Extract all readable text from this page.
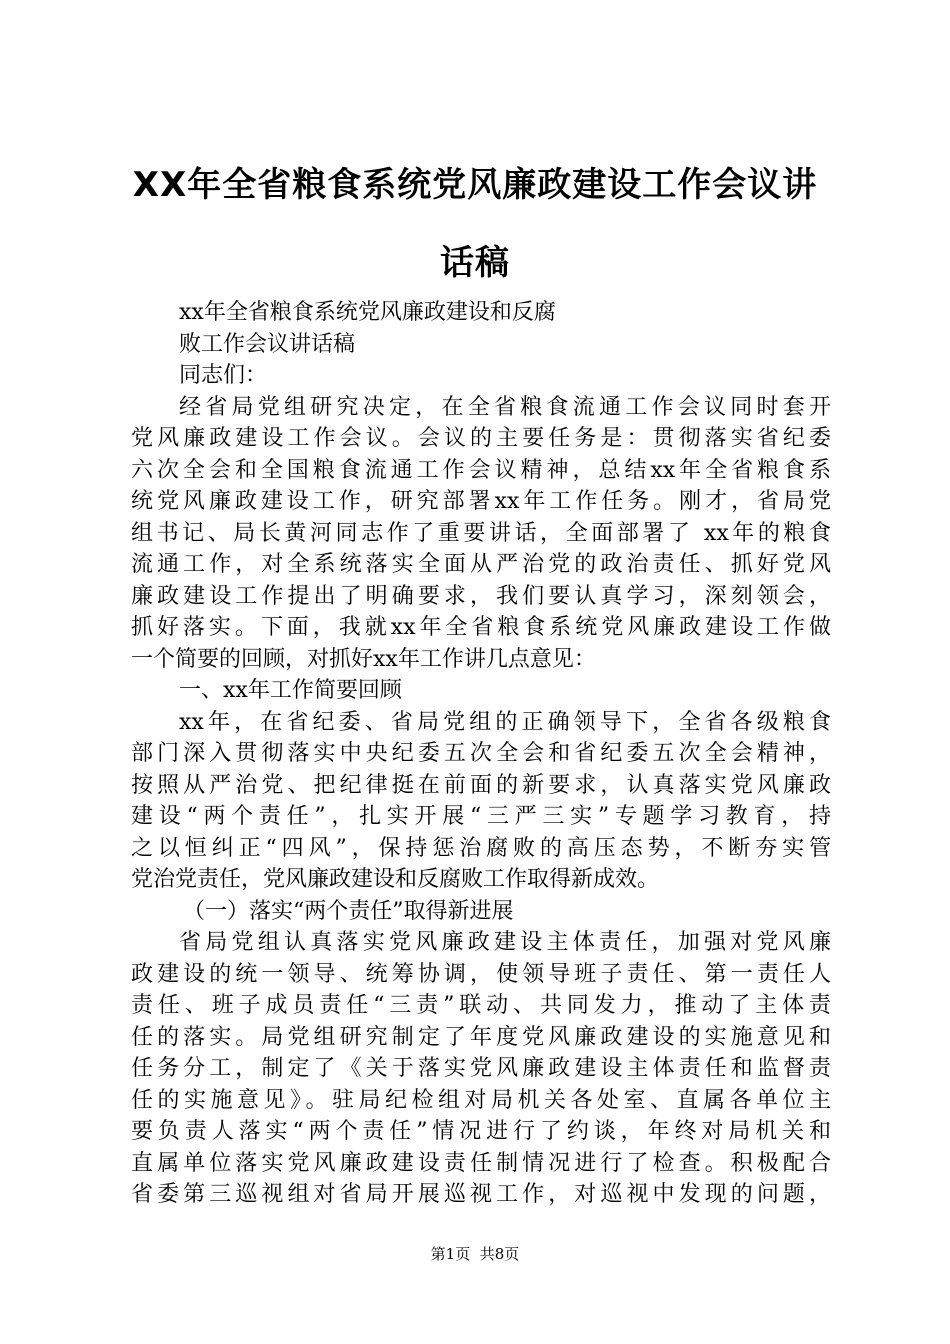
XX年全省粮食系统党风廉政建设工作会议讲
话稿
xx年全省粮食系统党风廉政建设和反腐
败工作会议讲话稿
同志们：
经省局党组研究决定，在全省粮食流通工作会议同时套开
党风廉政建设工作会议。会议的主要任务是：贯彻落实省纪委
六次全会和全国粮食流通工作会议精神，总结xx年全省粮食系
统党风廉政建设工作，研究部署xx年工作任务。刚才，省局党
组书记、局长黄河同志作了重要讲话，全面部署了 xx年的粮食
流通工作，对全系统落实全面从严治党的政治责任、抓好党风
廉政建设工作提出了明确要求，我们要认真学习，深刻领会，
抓好落实。下面，我就xx年全省粮食系统党风廉政建设工作做
一个简要的回顾，对抓好xx年工作讲几点意见：
一、xx年工作简要回顾
xx年，在省纪委、省局党组的正确领导下，全省各级粮食
部门深入贯彻落实中央纪委五次全会和省纪委五次全会精神，
按照从严治党、把纪律挺在前面的新要求，认真落实党风廉政
建设“两个责任”，扎实开展“三严三实”专题学习教育，持
之以恒纠正“四风”，保持惩治腐败的高压态势，不断夯实管
党治党责任，党风廉政建设和反腐败工作取得新成效。
（一）落实“两个责任”取得新进展
省局党组认真落实党风廉政建设主体责任，加强对党风廉
政建设的统一领导、统筹协调，使领导班子责任、第一责任人
责任、班子成员责任“三责”联动、共同发力，推动了主体责
任的落实。局党组研究制定了年度党风廉政建设的实施意见和
任务分工，制定了《关于落实党风廉政建设主体责任和监督责
任的实施意见》。驻局纪检组对局机关各处室、直属各单位主
要负责人落实“两个责任”情况进行了约谈，年终对局机关和
直属单位落实党风廉政建设责任制情况进行了检查。积极配合
省委第三巡视组对省局开展巡视工作，对巡视中发现的问题，
第1页 共8页
